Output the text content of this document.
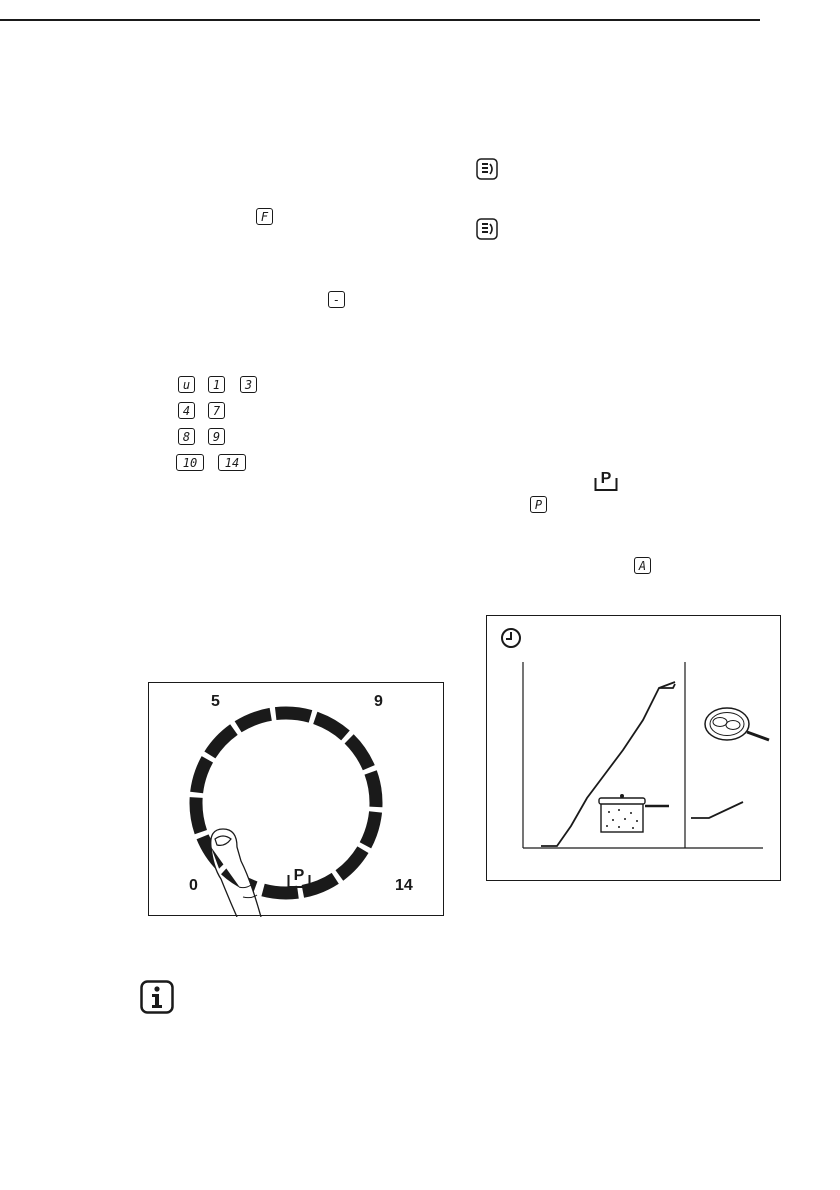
F
-
u	1	3
4	7
8	9
10	14
P
P
A
5	9
0	14
P
